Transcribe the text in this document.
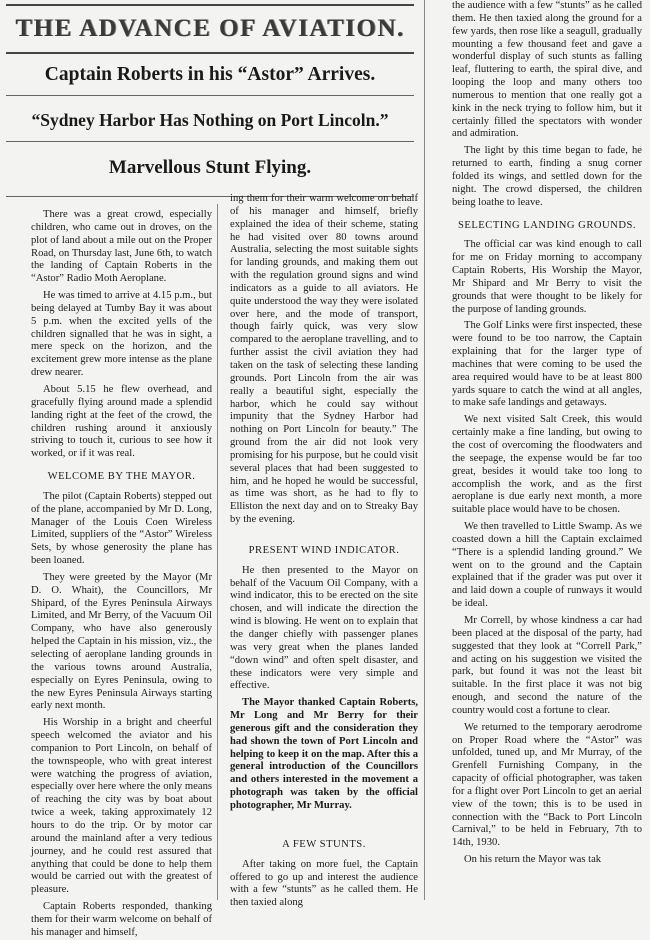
THE ADVANCE OF AVIATION.
Captain Roberts in his “Astor” Arrives.
“Sydney Harbor Has Nothing on Port Lincoln.”
Marvellous Stunt Flying.

There was a great crowd, especially children, who came out in droves, on the plot of land about a mile out on the Proper Road, on Thursday last, June 6th, to watch the landing of Captain Roberts in the “Astor” Radio Moth Aeroplane.

He was timed to arrive at 4.15 p.m., but being delayed at Tumby Bay it was about 5 p.m. when the excited yells of the children signalled that he was in sight, a mere speck on the horizon, and the excitement grew more intense as the plane drew nearer.

About 5.15 he flew overhead, and gracefully flying around made a splendid landing right at the feet of the crowd, the children rushing around it anxiously striving to touch it, curious to see how it worked, or if it was real.

WELCOME BY THE MAYOR.

The pilot (Captain Roberts) stepped out of the plane, accompanied by Mr D. Long, Manager of the Louis Coen Wireless Limited, suppliers of the “Astor” Wireless Sets, by whose generosity the plane has been loaned.

They were greeted by the Mayor (Mr D. O. Whait), the Councillors, Mr Shipard, of the Eyres Peninsula Airways Limited, and Mr Berry, of the Vacuum Oil Company, who have also generously helped the Captain in his mission, viz., the selecting of aeroplane landing grounds in the various towns around Australia, especially on Eyres Peninsula, owing to the new Eyres Peninsula Airways starting early next month.

His Worship in a bright and cheerful speech welcomed the aviator and his companion to Port Lincoln, on behalf of the townspeople, who with great interest were watching the progress of aviation, especially over here where the only means of reaching the city was by boat about twice a week, taking approximately 12 hours to do the trip. Or by motor car around the mainland after a very tedious journey, and he could rest assured that anything that could be done to help them would be carried out with the greatest of pleasure.

Captain Roberts responded, thanking them for their warm welcome on behalf of his manager and himself,

ing them for their warm welcome on behalf of his manager and himself, briefly explained the idea of their scheme, stating he had visited over 80 towns around Australia, selecting the most suitable sights for landing grounds, and making them out with the regulation ground signs and wind indicators as a guide to all aviators. He quite understood the way they were isolated over here, and the mode of transport, though fairly quick, was very slow compared to the aeroplane travelling, and to further assist the civil aviation they had taken on the task of selecting these landing grounds. Port Lincoln from the air was really a beautiful sight, especially the harbor, which he could say without impunity that the Sydney Harbor had nothing on Port Lincoln for beauty.” The ground from the air did not look very promising for his purpose, but he could visit several places that had been suggested to him, and he hoped he would be successful, as time was short, as he had to fly to Elliston the next day and on to Streaky Bay by the evening.

PRESENT WIND INDICATOR.

He then presented to the Mayor on behalf of the Vacuum Oil Company, with a wind indicator, this to be erected on the site chosen, and will indicate the direction the wind is blowing. He went on to explain that the danger chiefly with passenger planes was very great when the planes landed “down wind” and often spelt disaster, and these indicators were very simple and effective.

The Mayor thanked Captain Roberts, Mr Long and Mr Berry for their generous gift and the consideration they had shown the town of Port Lincoln and helping to keep it on the map. After this a general introduction of the Councillors and others interested in the movement a photograph was taken by the official photographer, Mr Murray.

A FEW STUNTS.

After taking on more fuel, the Captain offered to go up and interest the audience with a few “stunts” as he called them. He then taxied along

the audience with a few “stunts” as he called them. He then taxied along the ground for a few yards, then rose like a seagull, gradually mounting a few thousand feet and gave a wonderful display of such stunts as falling leaf, fluttering to earth, the spiral dive, and looping the loop and many others too numerous to mention that one really got a kink in the neck trying to follow him, but it certainly filled the spectators with wonder and admiration.

The light by this time began to fade, he returned to earth, finding a snug corner folded its wings, and settled down for the night. The crowd dispersed, the children being loathe to leave.

SELECTING LANDING GROUNDS.

The official car was kind enough to call for me on Friday morning to accompany Captain Roberts, His Worship the Mayor, Mr Shipard and Mr Berry to visit the grounds that were thought to be likely for the purpose of landing grounds.

The Golf Links were first inspected, these were found to be too narrow, the Captain explaining that for the larger type of machines that were coming to be used the area required would have to be at least 800 yards square to catch the wind at all angles, to make safe landings and getaways.

We next visited Salt Creek, this would certainly make a fine landing, but owing to the cost of overcoming the floodwaters and the seepage, the expense would be far too great, besides it would take too long to accomplish the work, and as the first aeroplane is due early next month, a more suitable place would have to be chosen.

We then travelled to Little Swamp. As we coasted down a hill the Captain exclaimed “There is a splendid landing ground.” We went on to the ground and the Captain explained that if the grader was put over it and laid down a couple of runways it would be ideal.

Mr Correll, by whose kindness a car had been placed at the disposal of the party, had suggested that they look at “Correll Park,” and acting on his suggestion we visited the park, but found it was not the least bit suitable. In the first place it was not big enough, and second the nature of the country would cost a fortune to clear.

We returned to the temporary aerodrome on Proper Road where the “Astor” was unfolded, tuned up, and Mr Murray, of the Grenfell Furnishing Company, in the capacity of official photographer, was taken for a flight over Port Lincoln to get an aerial view of the town; this is to be used in connection with the “Back to Port Lincoln Carnival,” to be held in February, 7th to 14th, 1930.

On his return the Mayor was tak
